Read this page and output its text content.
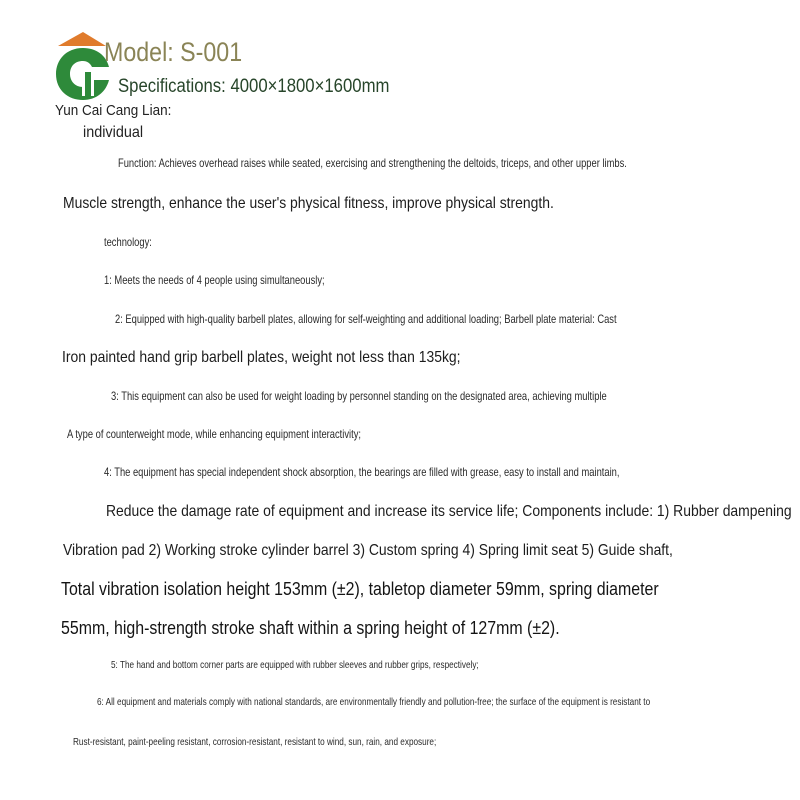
Model: S-001
Specifications: 4000×1800×1600mm
Yun Cai Cang Lian:
individual
Function: Achieves overhead raises while seated, exercising and strengthening the deltoids, triceps, and other upper limbs.
Muscle strength, enhance the user's physical fitness, improve physical strength.
technology:
1: Meets the needs of 4 people using simultaneously;
2: Equipped with high-quality barbell plates, allowing for self-weighting and additional loading; Barbell plate material: Cast
Iron painted hand grip barbell plates, weight not less than 135kg;
3: This equipment can also be used for weight loading by personnel standing on the designated area, achieving multiple
A type of counterweight mode, while enhancing equipment interactivity;
4: The equipment has special independent shock absorption, the bearings are filled with grease, easy to install and maintain,
Reduce the damage rate of equipment and increase its service life; Components include: 1) Rubber dampening
Vibration pad 2) Working stroke cylinder barrel 3) Custom spring 4) Spring limit seat 5) Guide shaft,
Total vibration isolation height 153mm (±2), tabletop diameter 59mm, spring diameter
55mm, high-strength stroke shaft within a spring height of 127mm (±2).
5: The hand and bottom corner parts are equipped with rubber sleeves and rubber grips, respectively;
6: All equipment and materials comply with national standards, are environmentally friendly and pollution-free; the surface of the equipment is resistant to
Rust-resistant, paint-peeling resistant, corrosion-resistant, resistant to wind, sun, rain, and exposure;
